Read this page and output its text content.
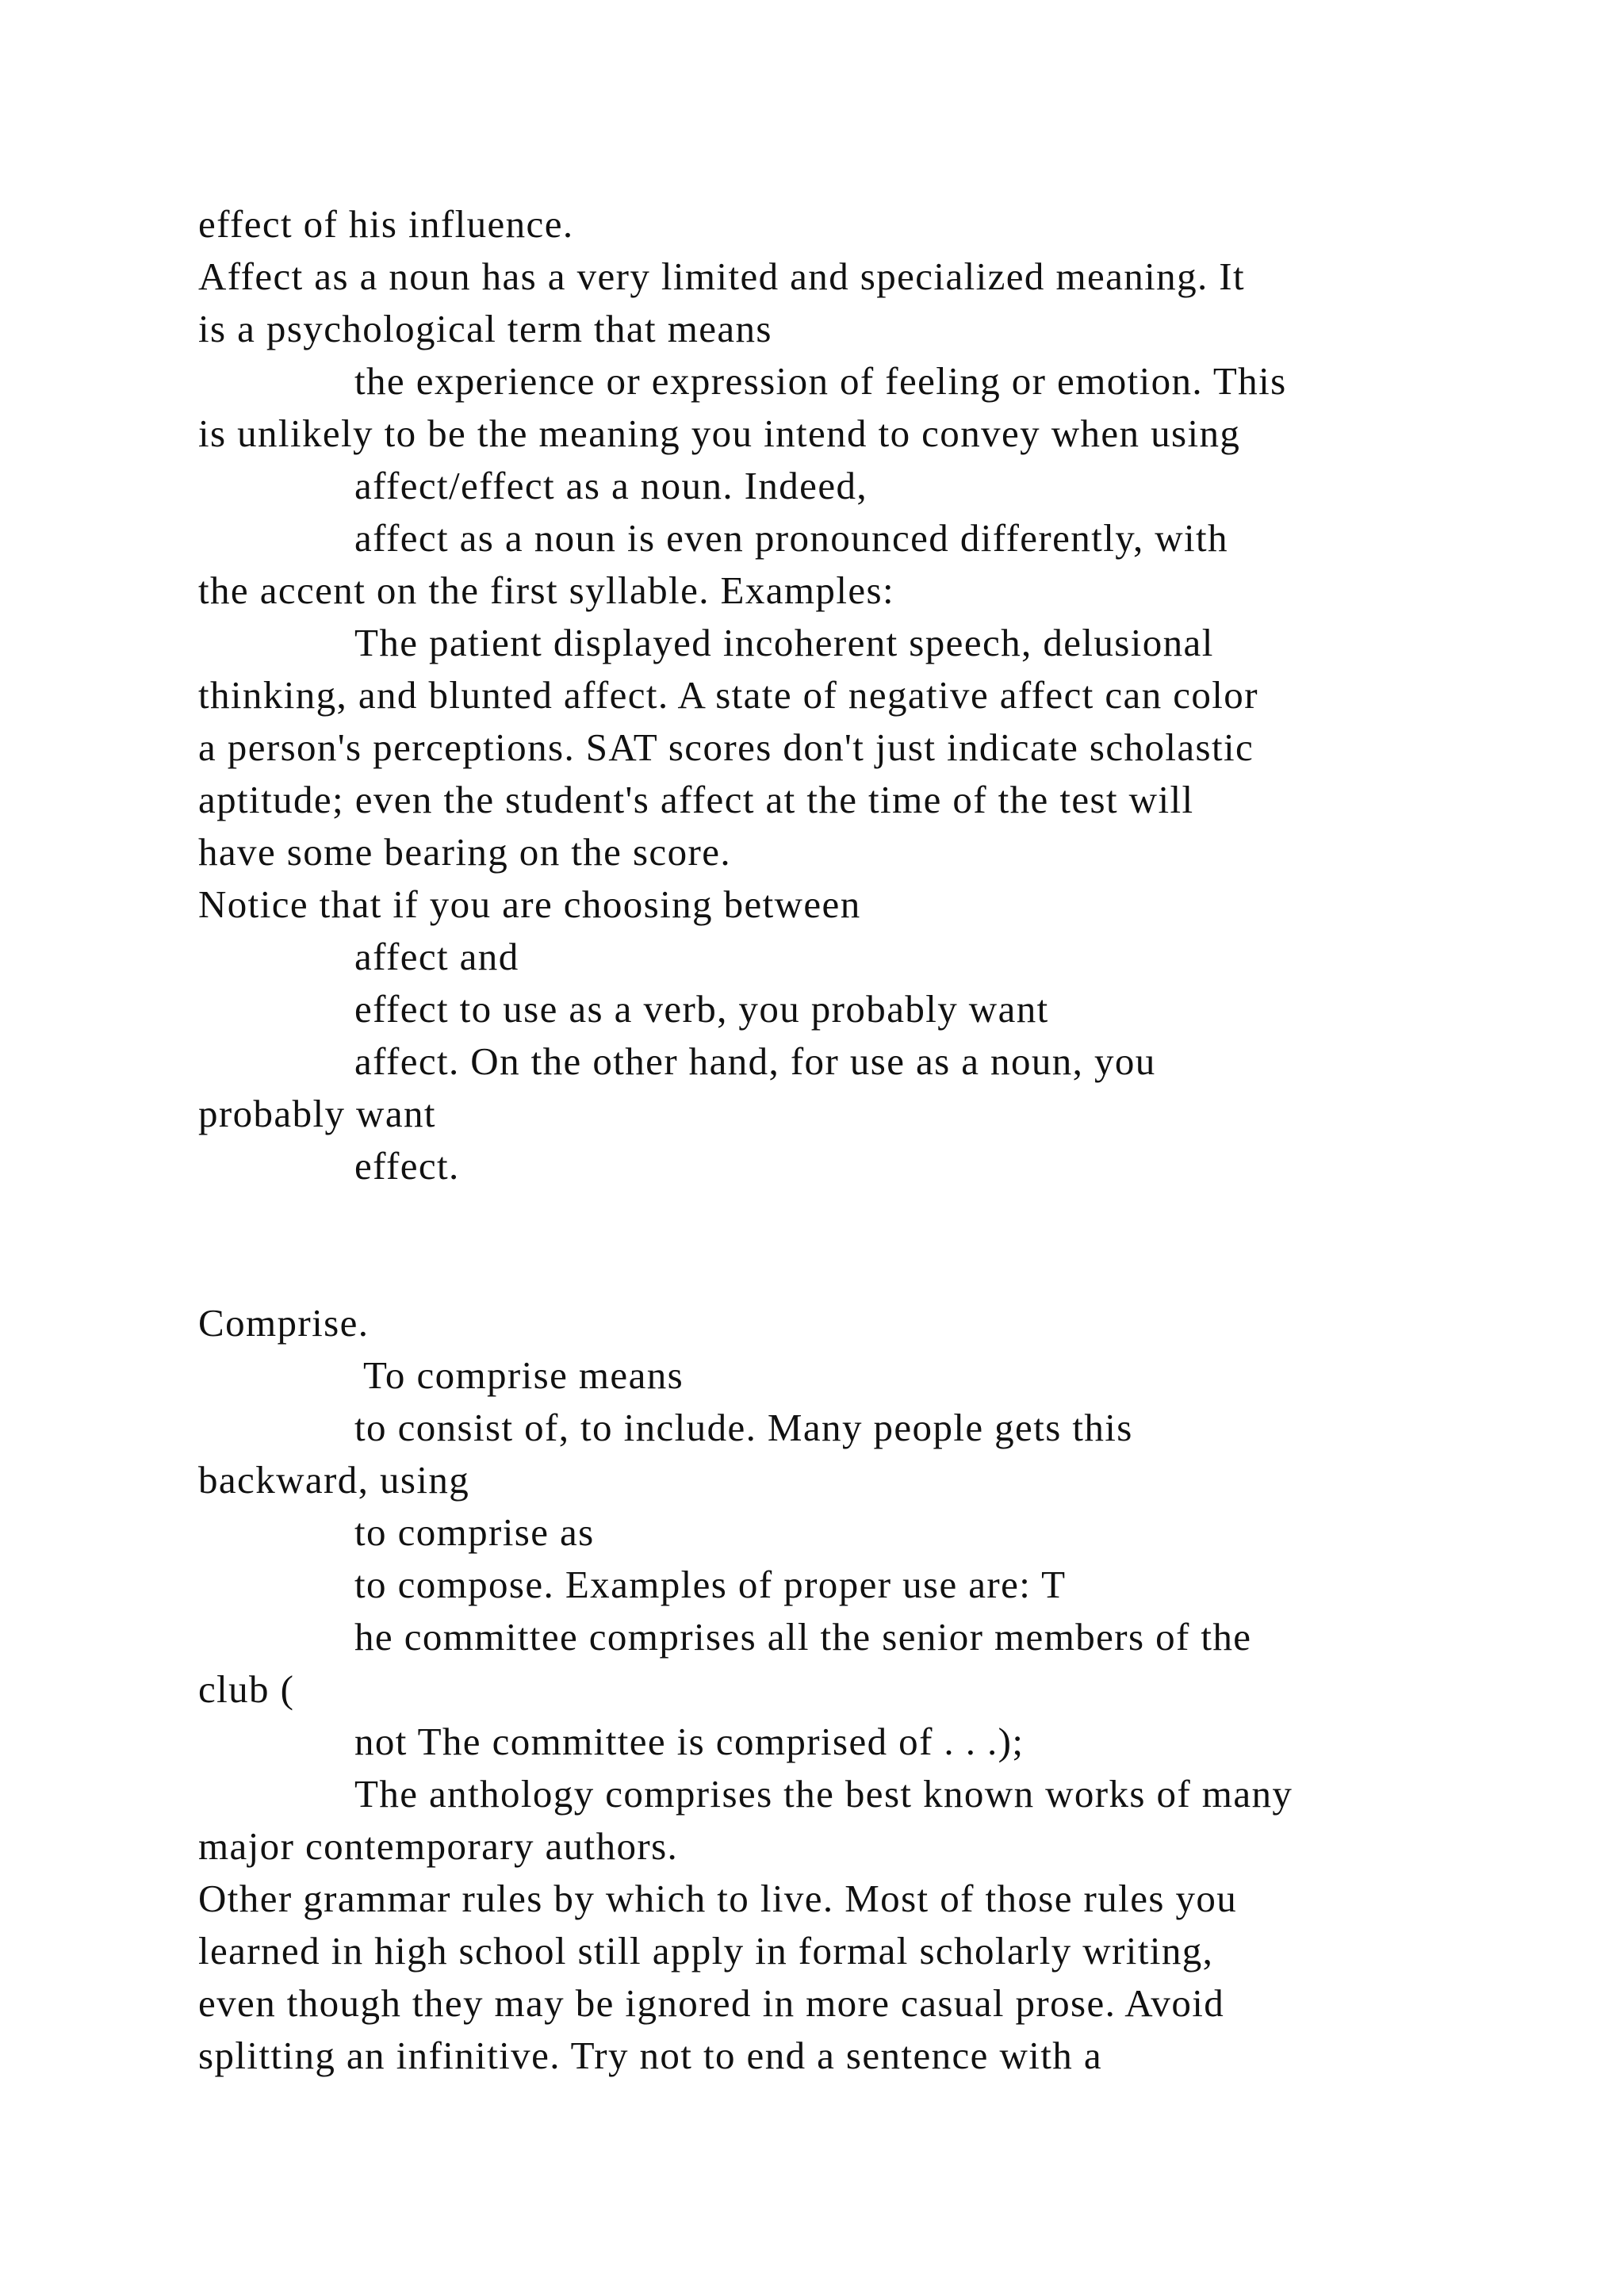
effect of his influence.

Affect as a noun has a very limited and specialized meaning. It

is a psychological term that means

the experience or expression of feeling or emotion. This

is unlikely to be the meaning you intend to convey when using

affect/effect as a noun. Indeed,

affect as a noun is even pronounced differently, with

the accent on the first syllable. Examples:

The patient displayed incoherent speech, delusional

thinking, and blunted affect. A state of negative affect can color

a person's perceptions. SAT scores don't just indicate scholastic

aptitude; even the student's affect at the time of the test will

have some bearing on the score.

Notice that if you are choosing between

affect and

effect to use as a verb, you probably want

affect. On the other hand, for use as a noun, you

probably want

effect.

Comprise.

To comprise means

to consist of, to include. Many people gets this

backward, using

to comprise as

to compose. Examples of proper use are: T

he committee comprises all the senior members of the

club (

not The committee is comprised of . . .);

The anthology comprises the best known works of many

major contemporary authors.

Other grammar rules by which to live. Most of those rules you

learned in high school still apply in formal scholarly writing,

even though they may be ignored in more casual prose. Avoid

splitting an infinitive. Try not to end a sentence with a
